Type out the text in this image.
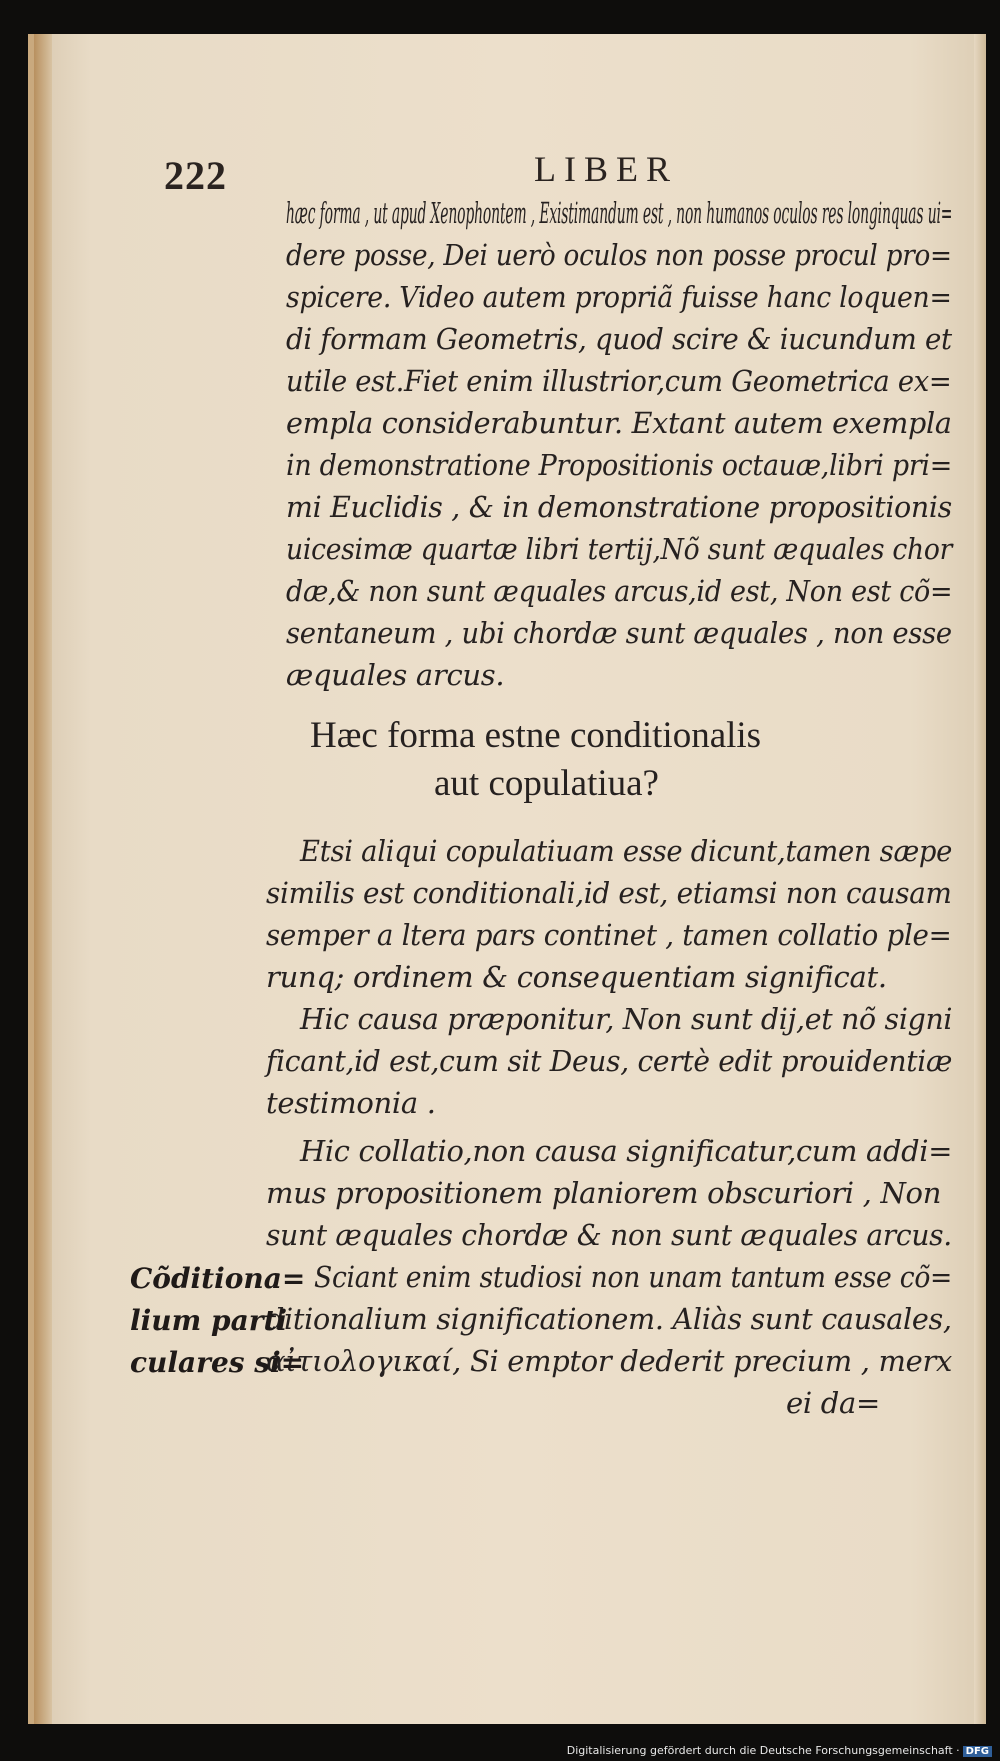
222	LIBER
hæc forma , ut apud Xenophontem , Existimandum est , non humanos oculos res longinquas ui=
dere posse, Dei uerò oculos non posse procul pro=
spicere. Video autem propriã fuisse hanc loquen=
di formam Geometris, quod scire & iucundum et
utile est.Fiet enim illustrior,cum Geometrica ex=
empla considerabuntur. Extant autem exempla
in demonstratione Propositionis octauæ,libri pri=
mi Euclidis , & in demonstratione propositionis
uicesimæ quartæ libri tertij,Nõ sunt æquales chor
dæ,& non sunt æquales arcus,id est, Non est cõ=
sentaneum , ubi chordæ sunt æquales , non esse
æquales arcus.
Hæc forma estne conditionalis
aut copulatiua?
Etsi aliqui copulatiuam esse dicunt,tamen sæpe
similis est conditionali,id est, etiamsi non causam
semper a ltera pars continet , tamen collatio ple=
runq; ordinem & consequentiam significat.
Hic causa præponitur, Non sunt dij,et nõ signi
ficant,id est,cum sit Deus, certè edit prouidentiæ
testimonia .
Hic collatio,non causa significatur,cum addi=
mus propositionem planiorem obscuriori , Non
sunt æquales chordæ & non sunt æquales arcus.
Sciant enim studiosi non unam tantum esse cõ=
ditionalium significationem. Aliàs sunt causales,
αἰτιολογικαί, Si emptor dederit precium , merx
ei da=
Cõditiona=
lium parti
culares si=
Digitalisierung gefördert durch die Deutsche Forschungsgemeinschaft · DFG
